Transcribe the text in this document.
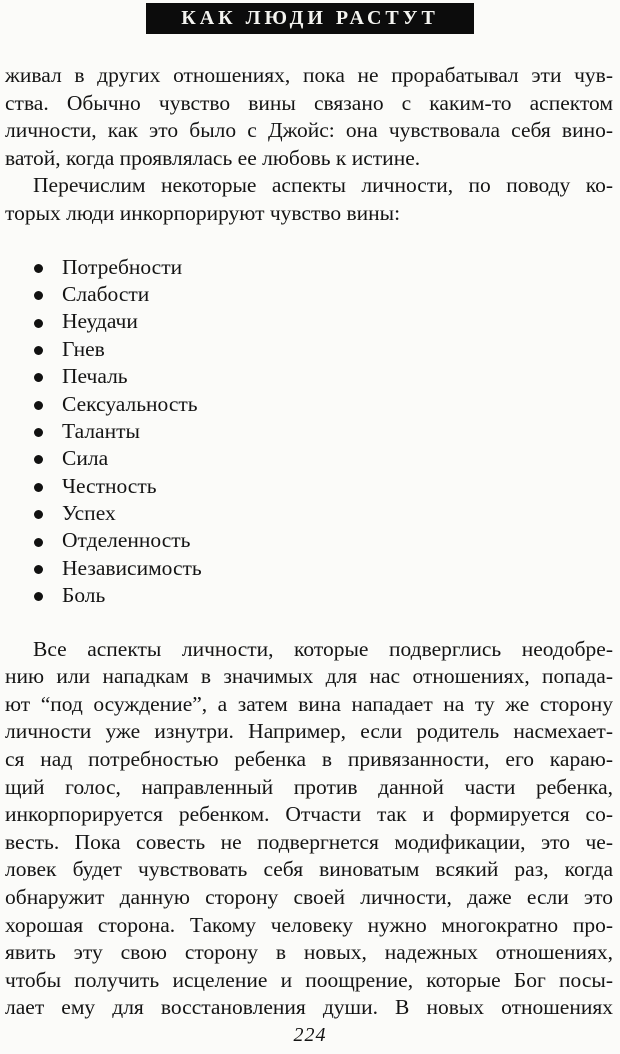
КАК ЛЮДИ РАСТУТ
живал в других отношениях, пока не прорабатывал эти чув-
ства. Обычно чувство вины связано с каким-то аспектом
личности, как это было с Джойс: она чувствовала себя вино-
ватой, когда проявлялась ее любовь к истине.
Перечислим некоторые аспекты личности, по поводу ко-
торых люди инкорпорируют чувство вины:
Потребности
Слабости
Неудачи
Гнев
Печаль
Сексуальность
Таланты
Сила
Честность
Успех
Отделенность
Независимость
Боль
Все аспекты личности, которые подверглись неодобре-
нию или нападкам в значимых для нас отношениях, попада-
ют “под осуждение”, а затем вина нападает на ту же сторону
личности уже изнутри. Например, если родитель насмехает-
ся над потребностью ребенка в привязанности, его караю-
щий голос, направленный против данной части ребенка,
инкорпорируется ребенком. Отчасти так и формируется со-
весть. Пока совесть не подвергнется модификации, это че-
ловек будет чувствовать себя виноватым всякий раз, когда
обнаружит данную сторону своей личности, даже если это
хорошая сторона. Такому человеку нужно многократно про-
явить эту свою сторону в новых, надежных отношениях,
чтобы получить исцеление и поощрение, которые Бог посы-
лает ему для восстановления души. В новых отношениях
224
